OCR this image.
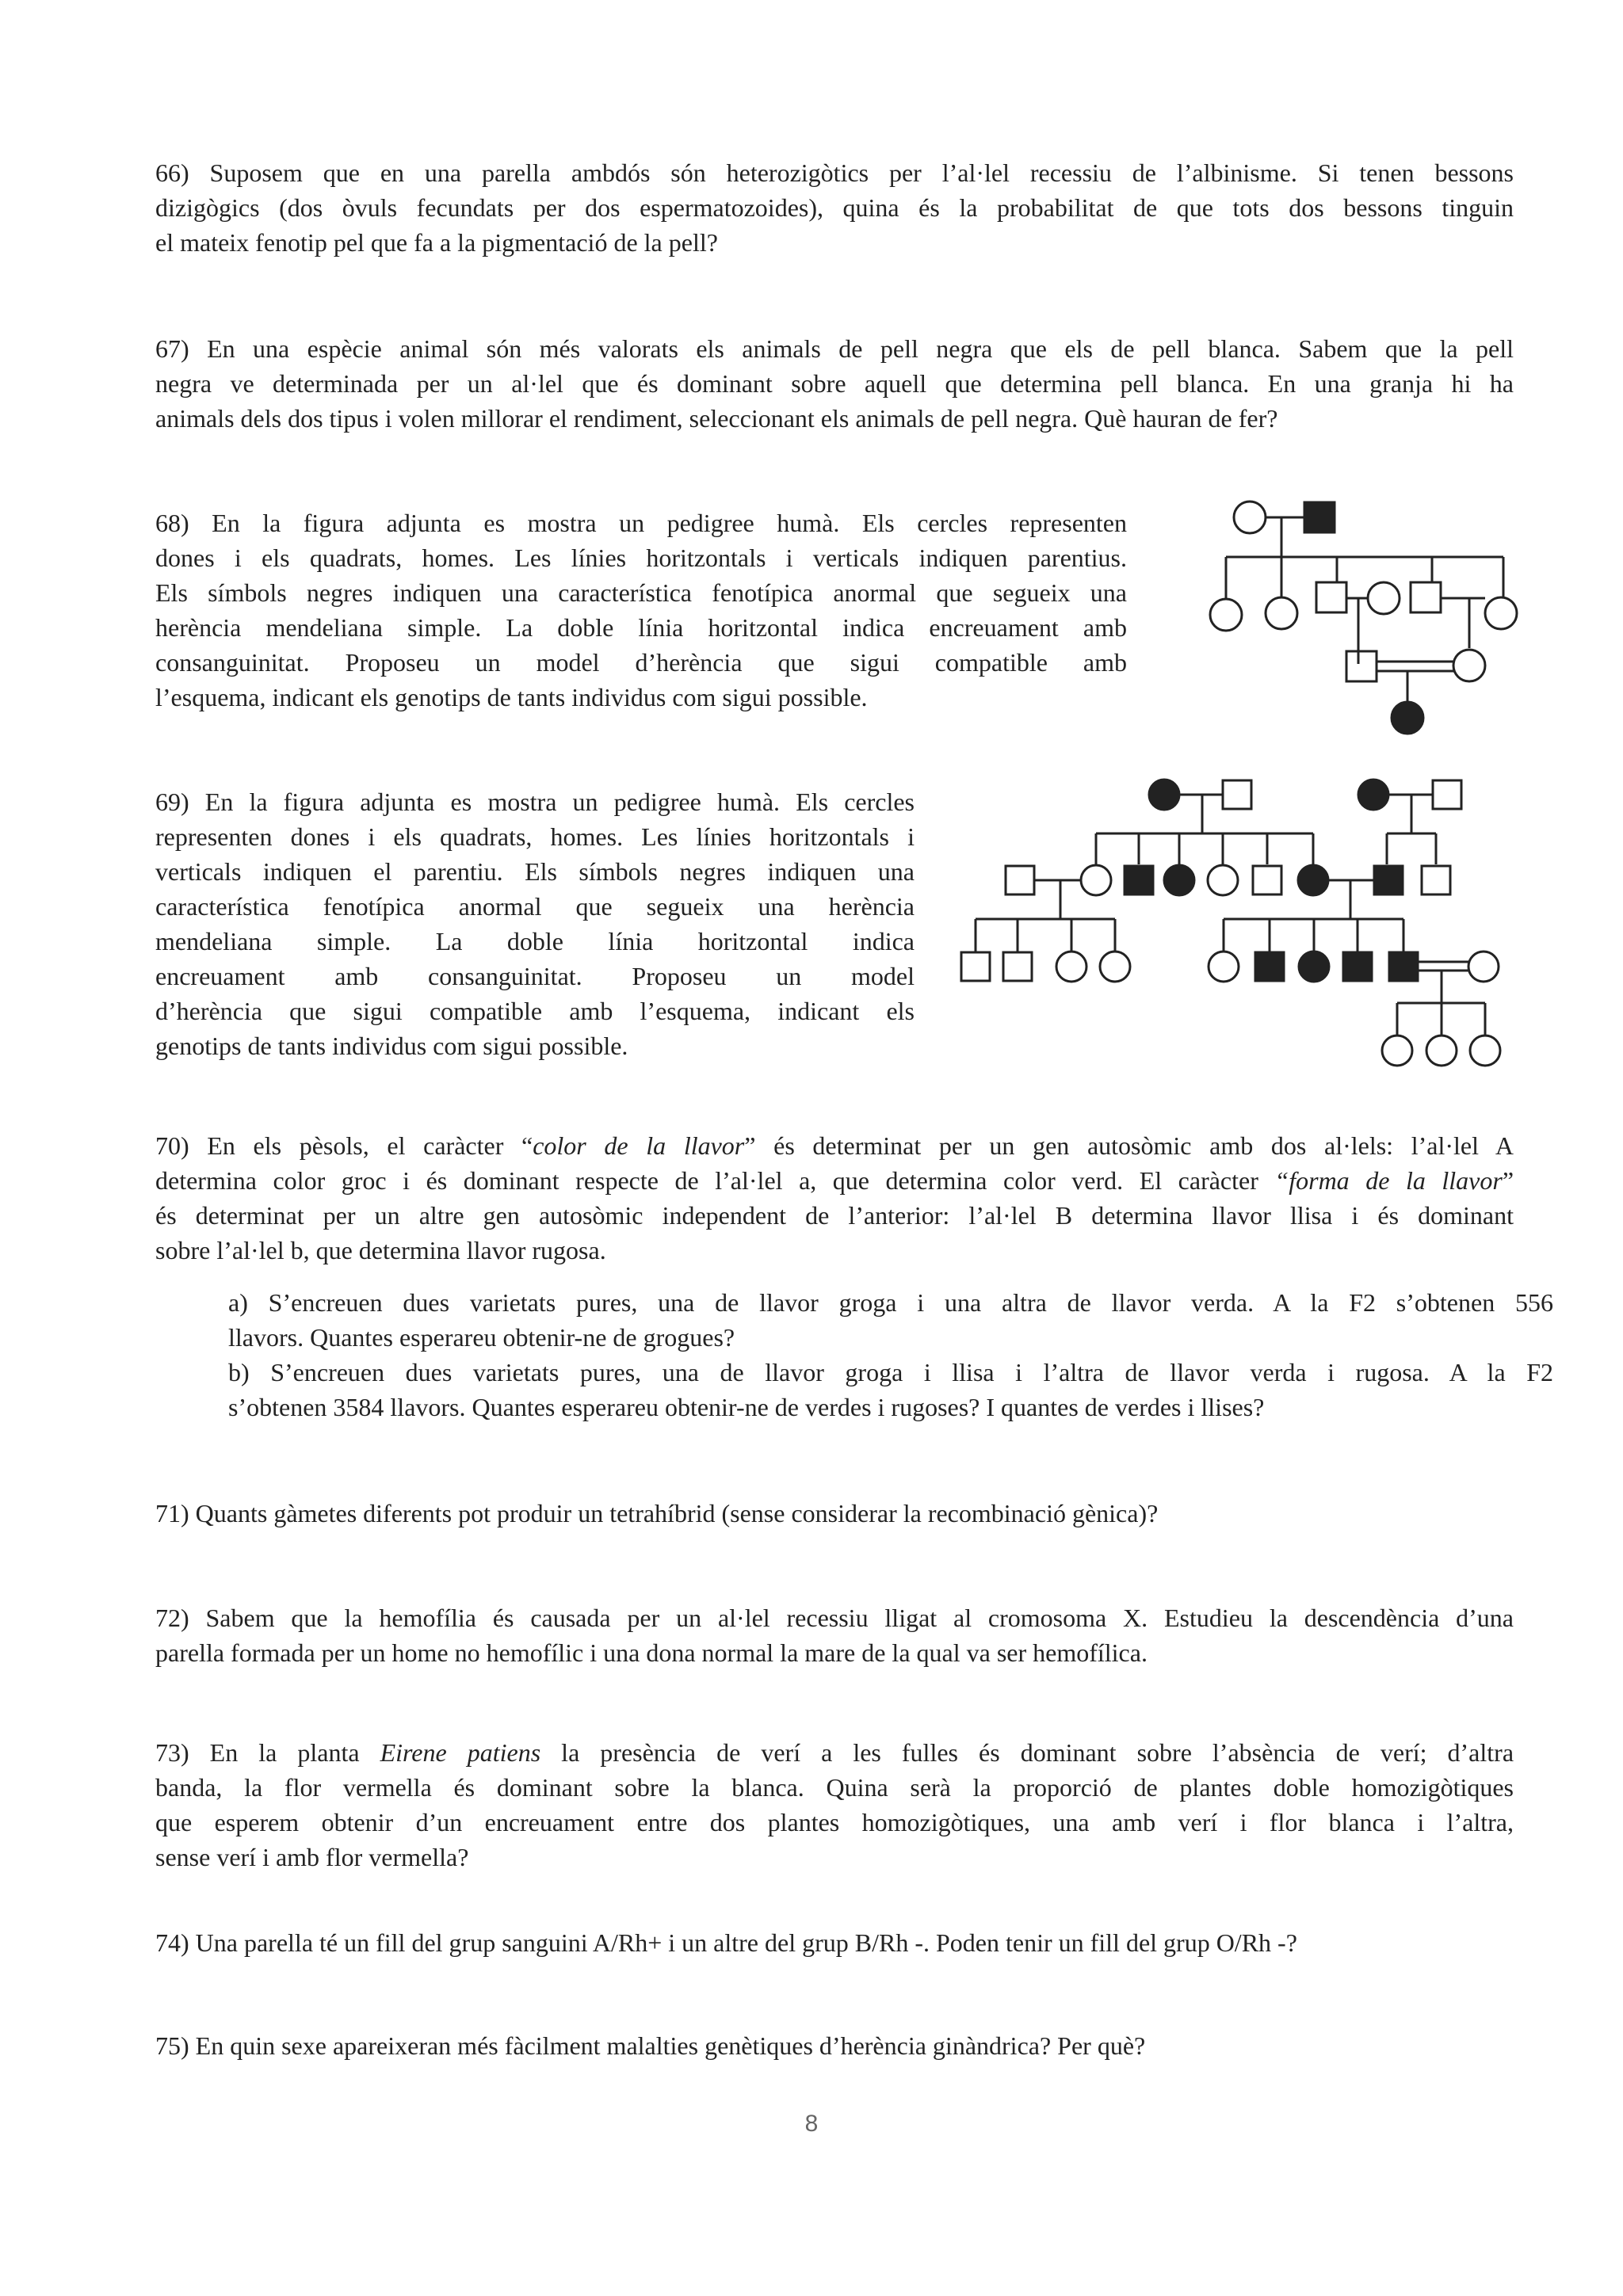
66) Suposem que en una parella ambdós són heterozigòtics per l’al·lel recessiu de l’albinisme. Si tenen bessons
dizigògics (dos òvuls fecundats per dos espermatozoides), quina és la probabilitat de que tots dos bessons tinguin
el mateix fenotip pel que fa a la pigmentació de la pell?
67) En una espècie animal són més valorats els animals de pell negra que els de pell blanca. Sabem que la pell
negra ve determinada per un al·lel que és dominant sobre aquell que determina pell blanca. En una granja hi ha
animals dels dos tipus i volen millorar el rendiment, seleccionant els animals de pell negra. Què hauran de fer?
68) En la figura adjunta es mostra un pedigree humà. Els cercles representen
dones i els quadrats, homes. Les línies horitzontals i verticals indiquen parentius.
Els símbols negres indiquen una característica fenotípica anormal que segueix una
herència mendeliana simple. La doble línia horitzontal indica encreuament amb
consanguinitat. Proposeu un model d’herència que sigui compatible amb
l’esquema, indicant els genotips de tants individus com sigui possible.
69) En la figura adjunta es mostra un pedigree humà. Els cercles
representen dones i els quadrats, homes. Les línies horitzontals i
verticals indiquen el parentiu. Els símbols negres indiquen una
característica fenotípica anormal que segueix una herència
mendeliana simple. La doble línia horitzontal indica
encreuament amb consanguinitat. Proposeu un model
d’herència que sigui compatible amb l’esquema, indicant els
genotips de tants individus com sigui possible.
70) En els pèsols, el caràcter “color de la llavor” és determinat per un gen autosòmic amb dos al·lels: l’al·lel A
determina color groc i és dominant respecte de l’al·lel a, que determina color verd. El caràcter “forma de la llavor”
és determinat per un altre gen autosòmic independent de l’anterior: l’al·lel B determina llavor llisa i és dominant
sobre l’al·lel b, que determina llavor rugosa.
a) S’encreuen dues varietats pures, una de llavor groga i una altra de llavor verda. A la F2 s’obtenen 556
llavors. Quantes esperareu obtenir-ne de grogues?
b) S’encreuen dues varietats pures, una de llavor groga i llisa i l’altra de llavor verda i rugosa. A la F2
s’obtenen 3584 llavors. Quantes esperareu obtenir-ne de verdes i rugoses? I quantes de verdes i llises?
71) Quants gàmetes diferents pot produir un tetrahíbrid (sense considerar la recombinació gènica)?
72) Sabem que la hemofília és causada per un al·lel recessiu lligat al cromosoma X. Estudieu la descendència d’una
parella formada per un home no hemofílic i una dona normal la mare de la qual va ser hemofílica.
73) En la planta Eirene patiens la presència de verí a les fulles és dominant sobre l’absència de verí; d’altra
banda, la flor vermella és dominant sobre la blanca. Quina serà la proporció de plantes doble homozigòtiques
que esperem obtenir d’un encreuament entre dos plantes homozigòtiques, una amb verí i flor blanca i l’altra,
sense verí i amb flor vermella?
74) Una parella té un fill del grup sanguini A/Rh+ i un altre del grup B/Rh -. Poden tenir un fill del grup O/Rh -?
75) En quin sexe apareixeran més fàcilment malalties genètiques d’herència ginàndrica? Per què?
8
